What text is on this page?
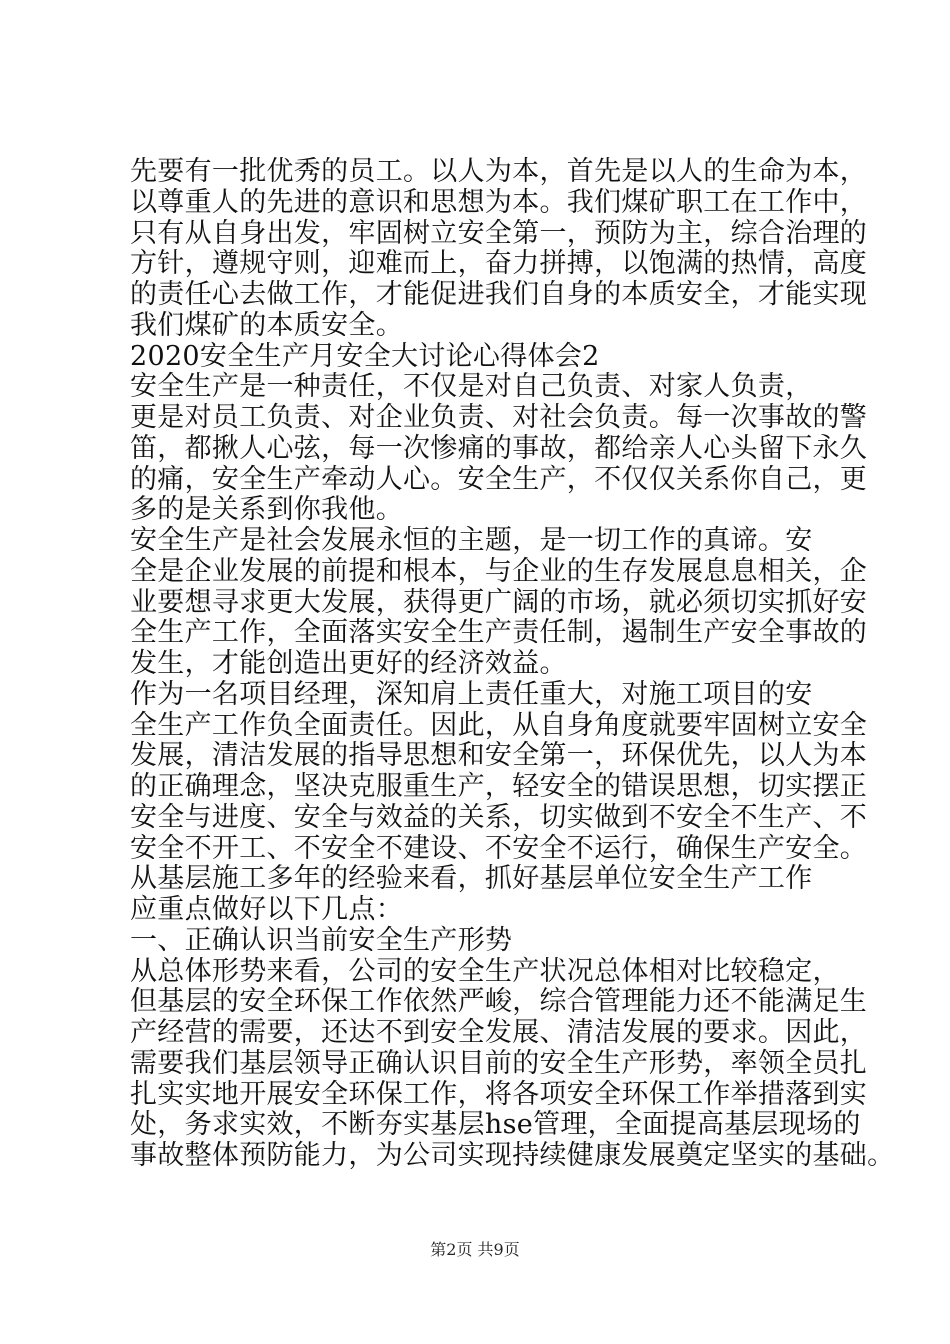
先要有一批优秀的员工。以人为本，首先是以人的生命为本，
以尊重人的先进的意识和思想为本。我们煤矿职工在工作中，
只有从自身出发，牢固树立安全第一，预防为主，综合治理的
方针，遵规守则，迎难而上，奋力拼搏，以饱满的热情，高度
的责任心去做工作，才能促进我们自身的本质安全，才能实现
我们煤矿的本质安全。
2020安全生产月安全大讨论心得体会2
安全生产是一种责任，不仅是对自己负责、对家人负责，
更是对员工负责、对企业负责、对社会负责。每一次事故的警
笛，都揪人心弦，每一次惨痛的事故，都给亲人心头留下永久
的痛，安全生产牵动人心。安全生产，不仅仅关系你自己，更
多的是关系到你我他。
安全生产是社会发展永恒的主题，是一切工作的真谛。安
全是企业发展的前提和根本，与企业的生存发展息息相关，企
业要想寻求更大发展，获得更广阔的市场，就必须切实抓好安
全生产工作，全面落实安全生产责任制，遏制生产安全事故的
发生，才能创造出更好的经济效益。
作为一名项目经理，深知肩上责任重大，对施工项目的安
全生产工作负全面责任。因此，从自身角度就要牢固树立安全
发展，清洁发展的指导思想和安全第一，环保优先，以人为本
的正确理念，坚决克服重生产，轻安全的错误思想，切实摆正
安全与进度、安全与效益的关系，切实做到不安全不生产、不
安全不开工、不安全不建设、不安全不运行，确保生产安全。
从基层施工多年的经验来看，抓好基层单位安全生产工作
应重点做好以下几点：
一、正确认识当前安全生产形势
从总体形势来看，公司的安全生产状况总体相对比较稳定，
但基层的安全环保工作依然严峻，综合管理能力还不能满足生
产经营的需要，还达不到安全发展、清洁发展的要求。因此，
需要我们基层领导正确认识目前的安全生产形势，率领全员扎
扎实实地开展安全环保工作，将各项安全环保工作举措落到实
处，务求实效，不断夯实基层hse管理，全面提高基层现场的
事故整体预防能力，为公司实现持续健康发展奠定坚实的基础。
第2页 共9页
